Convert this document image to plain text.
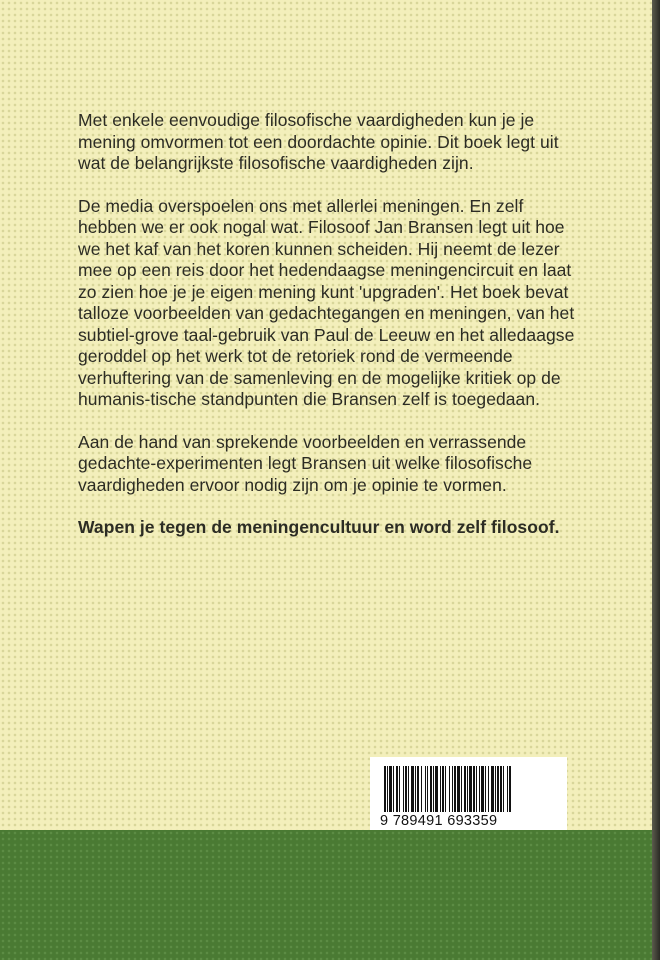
Met enkele eenvoudige filosofische vaardigheden kun je je mening omvormen tot een doordachte opinie. Dit boek legt uit wat de belangrijkste filosofische vaardigheden zijn.

De media overspoelen ons met allerlei meningen. En zelf hebben we er ook nogal wat. Filosoof Jan Bransen legt uit hoe we het kaf van het koren kunnen scheiden. Hij neemt de lezer mee op een reis door het hedendaagse meningencircuit en laat zo zien hoe je je eigen mening kunt 'upgraden'. Het boek bevat talloze voorbeelden van gedachtegangen en meningen, van het subtiel-grove taal-gebruik van Paul de Leeuw en het alledaagse geroddel op het werk tot de retoriek rond de vermeende verhuftering van de samenleving en de mogelijke kritiek op de humanis-tische standpunten die Bransen zelf is toegedaan.

Aan de hand van sprekende voorbeelden en verrassende gedachte-experimenten legt Bransen uit welke filosofische vaardigheden ervoor nodig zijn om je opinie te vormen.

Wapen je tegen de meningencultuur en word zelf filosoof.

9 789491 693359
